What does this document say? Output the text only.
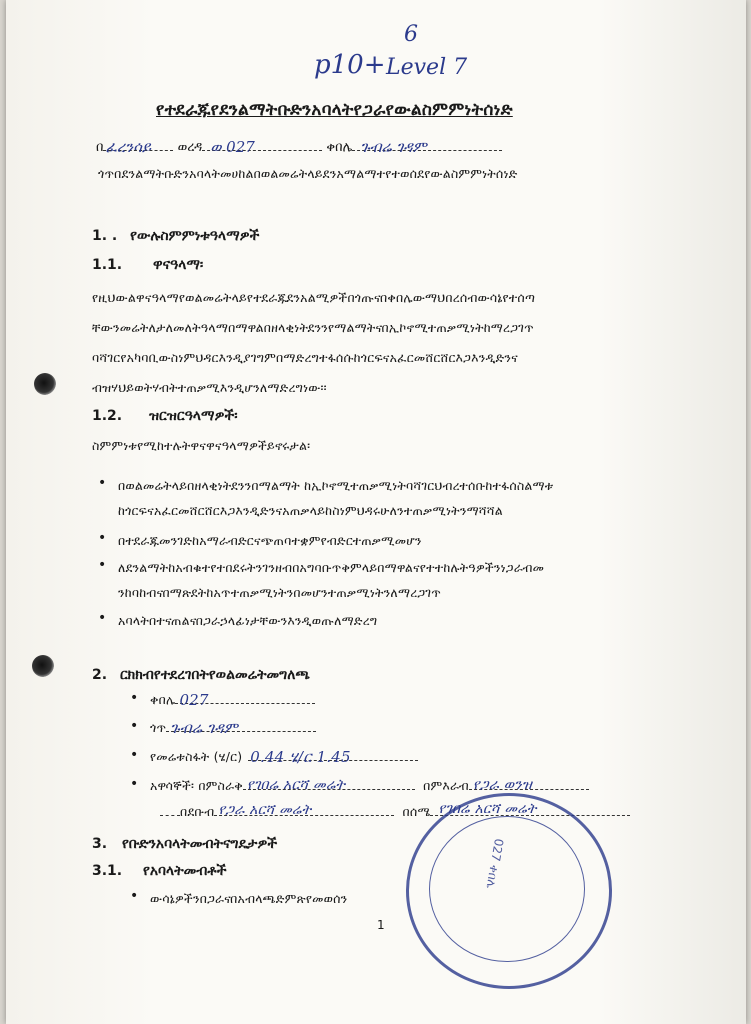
p10+
6
Level 7
የተደራጁየደንልማትቡድንአባላትየጋራየውልስምምነትሰነድ
በ ፈረንሳይ ወረዳ ወ 027	ቀበሌ ጉብሬ ገዳም
ጎጥበደንልማትቡድንአባላትመሀከልበወልመሬትላይደንአማልማተየተወሰደየውልስምምነትሰነድ
1. . የውሉስምምነቱዓላማዎች
1.1. ዋናዓላማ፡
የዚህውልዋናዓላማየወልመሬትላይየተደራጁደንአልሚዎችበጎጡናበቀበሌውማህበረሰብውሳኔየተሰጣ
ቸውንመሬትለታለመለትዓላማበማዋልበዘላቂነትደንንየማልማትናበኢኮኖሚተጠቃሚነትከማረጋገጥ
ባሻገርየአካባቢውስነምህዳርእንዲያገግምበማድረግተፋሰሱከጎርፍናአፈርመሸርሸርእጋእንዲድንና
ብዝሃህይወትሃብትተጠቃሚእንዲሆንለማድረግነው፡፡
1.2. ዝርዝርዓላማዎች፡
ስምምነቱየሚከተሉትዋናዋናዓላማዎችይኖሩታል፡
• በወልመሬትላይበዘላቂነትደንንበማልማት ከኢኮኖሚተጠቃሚነትባሻገርህብረተሰቡከተፋሰስልማቱ
ከጎርፍናአፈርመሸርሸርእጋእንዲድንናአጠቃላይከስነምህዳሩሁለንተጠቃሚነትንማሻሻል
• በተደራጁመንገድከአማራብድርናጭጠባተቋምየብድርተጠቃሚመሆን
• ለደንልማትከአብቁተየተበደሩትንገንዘብበአግባቡጥቅምላይበማዋልናየተተከሉትዓዎችንነጋራብመ
ንከባከብናበማጽደትከአጥተጠቃሚነትንበመሆንተጠቃሚነትንለማረጋገጥ
• አባላትበተናጠልናበጋራኃላፊነታቸውንእንዲወጡለማድረግ
2. ርክክብየተደረገበትየወልመሬትመግለጫ
• ቀበሌ 027
• ጎጥ ጉብሬ ገዳም
• የመሬቱስፋት (ሄ/ር) 0.44 ሄ/ር 1.45
• አዋሳኞች፡ በምስራቅ የገበሬ አርሻ መሬት	በምእራብ የጋራ ወንዝ
በደቡብ የጋራ አርሻ መሬት	በሰሜ የገበሬ አርሻ መሬት
3. የቡድንአባላትመብትናግዴታዎች
3.1. የአባላትመብቶች
• ውሳኔዎችንበጋራናበአብላጫድምጽየመወሰን
1
027 ቀበሌ
